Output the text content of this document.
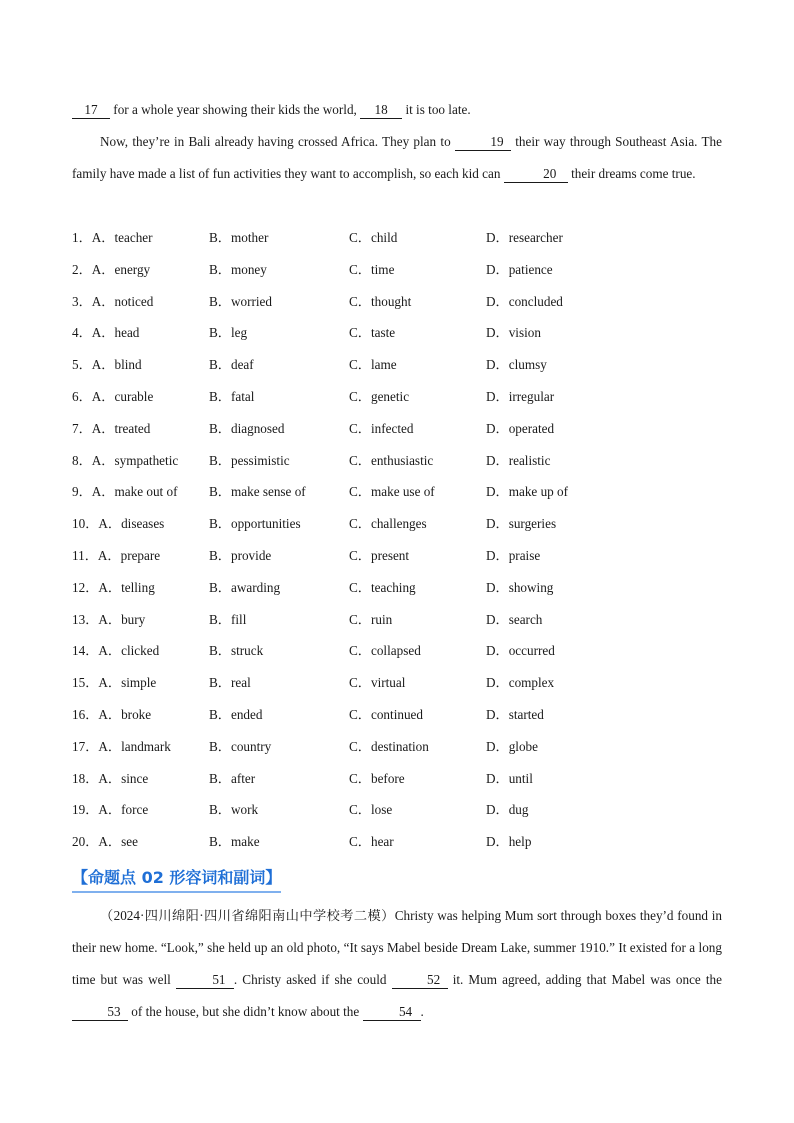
17 for a whole year showing their kids the world, 18 it is too late.

Now, they’re in Bali already having crossed Africa. They plan to	19 their way through Southeast Asia. The family have made a list of fun activities they want to accomplish, so each kid can	20 their dreams come true.

1．A．teacher	B．mother	C．child	D．researcher
2．A．energy	B．money	C．time	D．patience
3．A．noticed	B．worried	C．thought	D．concluded
4．A．head	B．leg	C．taste	D．vision
5．A．blind	B．deaf	C．lame	D．clumsy
6．A．curable	B．fatal	C．genetic	D．irregular
7．A．treated	B．diagnosed	C．infected	D．operated
8．A．sympathetic B．pessimistic	C．enthusiastic	D．realistic
9．A．make out of B．make sense of	C．make use of	D．make up of
10．A．diseases	B．opportunities	C．challenges	D．surgeries
11．A．prepare	B．provide	C．present	D．praise
12．A．telling	B．awarding	C．teaching	D．showing
13．A．bury	B．fill	C．ruin	D．search
14．A．clicked	B．struck	C．collapsed	D．occurred
15．A．simple	B．real	C．virtual	D．complex
16．A．broke	B．ended	C．continued	D．started
17．A．landmark	B．country	C．destination	D．globe
18．A．since	B．after	C．before	D．until
19．A．force	B．work	C．lose	D．dug
20．A．see	B．make	C．hear	D．help
【命题点 02 形容词和副词】

（2024·四川绵阳·四川省绵阳南山中学校考二模）Christy was helping Mum sort through boxes they’d found in their new home. “Look,” she held up an old photo, “It says Mabel beside Dream Lake, summer 1910.” It existed for a long time but was well	51 . Christy asked if she could	52 it. Mum agreed, adding that Mabel was once the 53 of the house, but she didn’t know about the	54 .
